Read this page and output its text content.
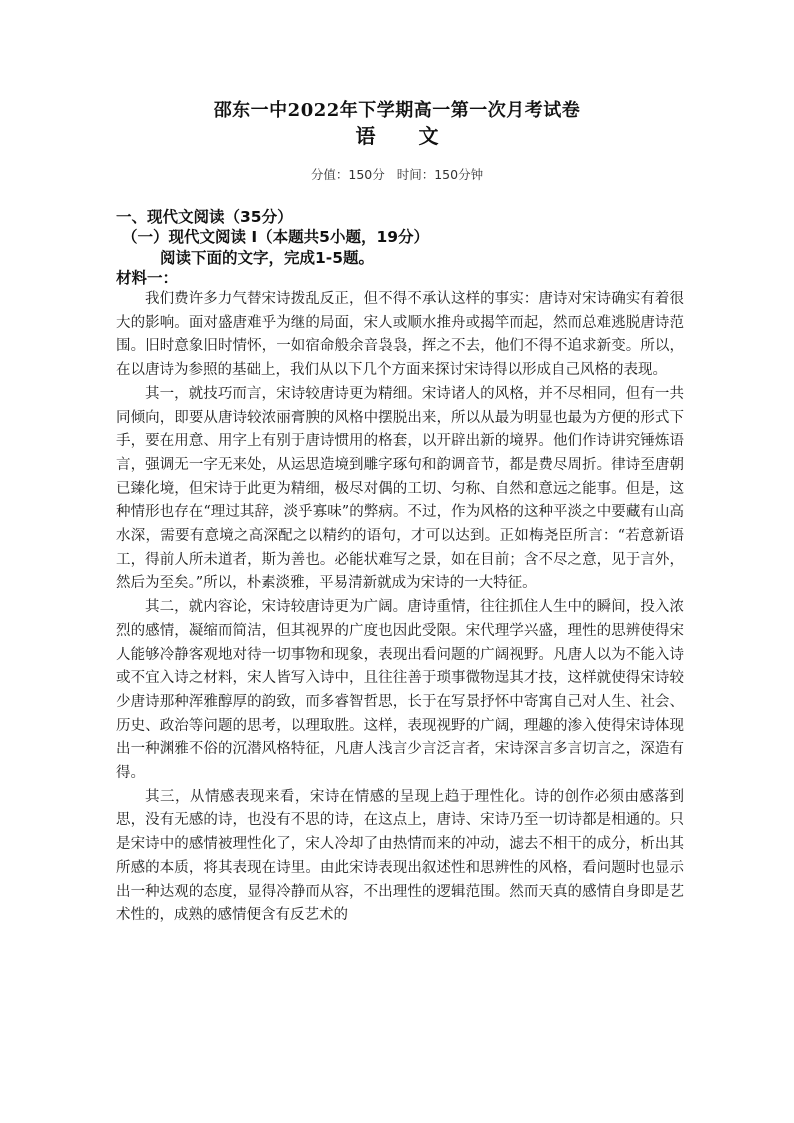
邵东一中2022年下学期高一第一次月考试卷
语 文
分值：150分 时间：150分钟
一、现代文阅读（35分）
（一）现代文阅读 I（本题共5小题，19分）
阅读下面的文字，完成1-5题。
材料一：

我们费许多力气替宋诗拨乱反正，但不得不承认这样的事实：唐诗对宋诗确实有着很大的影响。面对盛唐难乎为继的局面，宋人或顺水推舟或揭竿而起，然而总难逃脱唐诗范围。旧时意象旧时情怀，一如宿命般余音袅袅，挥之不去，他们不得不追求新变。所以，在以唐诗为参照的基础上，我们从以下几个方面来探讨宋诗得以形成自己风格的表现。

其一，就技巧而言，宋诗较唐诗更为精细。宋诗诸人的风格，并不尽相同，但有一共同倾向，即要从唐诗较浓丽膏腴的风格中摆脱出来，所以从最为明显也最为方便的形式下手，要在用意、用字上有别于唐诗惯用的格套，以开辟出新的境界。他们作诗讲究锤炼语言，强调无一字无来处，从运思造境到雕字琢句和韵调音节，都是费尽周折。律诗至唐朝已臻化境，但宋诗于此更为精细，极尽对偶的工切、匀称、自然和意远之能事。但是，这种情形也存在“理过其辞，淡乎寡味”的弊病。不过，作为风格的这种平淡之中要藏有山高水深，需要有意境之高深配之以精约的语句，才可以达到。正如梅尧臣所言：“若意新语工，得前人所未道者，斯为善也。必能状难写之景，如在目前；含不尽之意，见于言外，然后为至矣。”所以，朴素淡雅，平易清新就成为宋诗的一大特征。

其二，就内容论，宋诗较唐诗更为广阔。唐诗重情，往往抓住人生中的瞬间，投入浓烈的感情，凝缩而简洁，但其视界的广度也因此受限。宋代理学兴盛，理性的思辨使得宋人能够冷静客观地对待一切事物和现象，表现出看问题的广阔视野。凡唐人以为不能入诗或不宜入诗之材料，宋人皆写入诗中，且往往善于琐事微物逞其才技，这样就使得宋诗较少唐诗那种浑雅醇厚的韵致，而多睿智哲思，长于在写景抒怀中寄寓自己对人生、社会、历史、政治等问题的思考，以理取胜。这样，表现视野的广阔，理趣的渗入使得宋诗体现出一种渊雅不俗的沉潜风格特征，凡唐人浅言少言泛言者，宋诗深言多言切言之，深造有得。

其三，从情感表现来看，宋诗在情感的呈现上趋于理性化。诗的创作必须由感落到思，没有无感的诗，也没有不思的诗，在这点上，唐诗、宋诗乃至一切诗都是相通的。只是宋诗中的感情被理性化了，宋人冷却了由热情而来的冲动，滤去不相干的成分，析出其所感的本质，将其表现在诗里。由此宋诗表现出叙述性和思辨性的风格，看问题时也显示出一种达观的态度，显得冷静而从容，不出理性的逻辑范围。然而天真的感情自身即是艺术性的，成熟的感情便含有反艺术的
